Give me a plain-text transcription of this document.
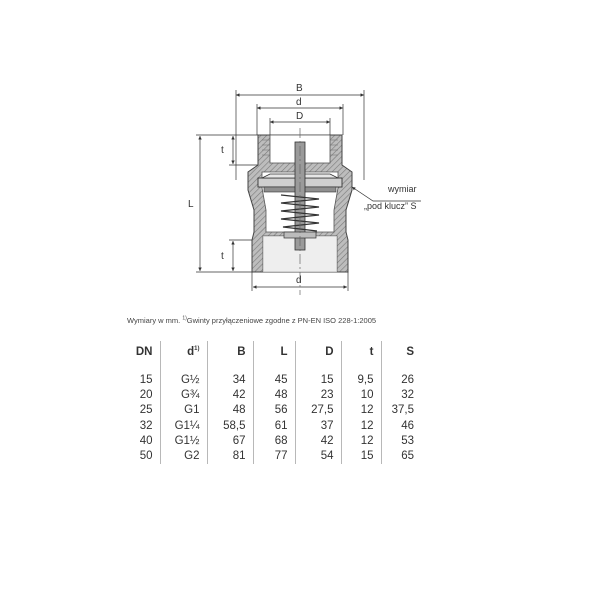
B
d
D
t
L
t
d
wymiar
„pod klucz” S
Wymiary w mm. $^{1)}$Gwinty przyłączeniowe zgodne z PN-EN ISO 228-1:2005
DN	$d^{1)}$	B	L	D	t	S
15	G½	34	45	15	9,5	26
20	G¾	42	48	23	10	32
25	G1	48	56	27,5	12	37,5
32	G1¼	58,5	61	37	12	46
40	G1½	67	68	42	12	53
50	G2	81	77	54	15	65
